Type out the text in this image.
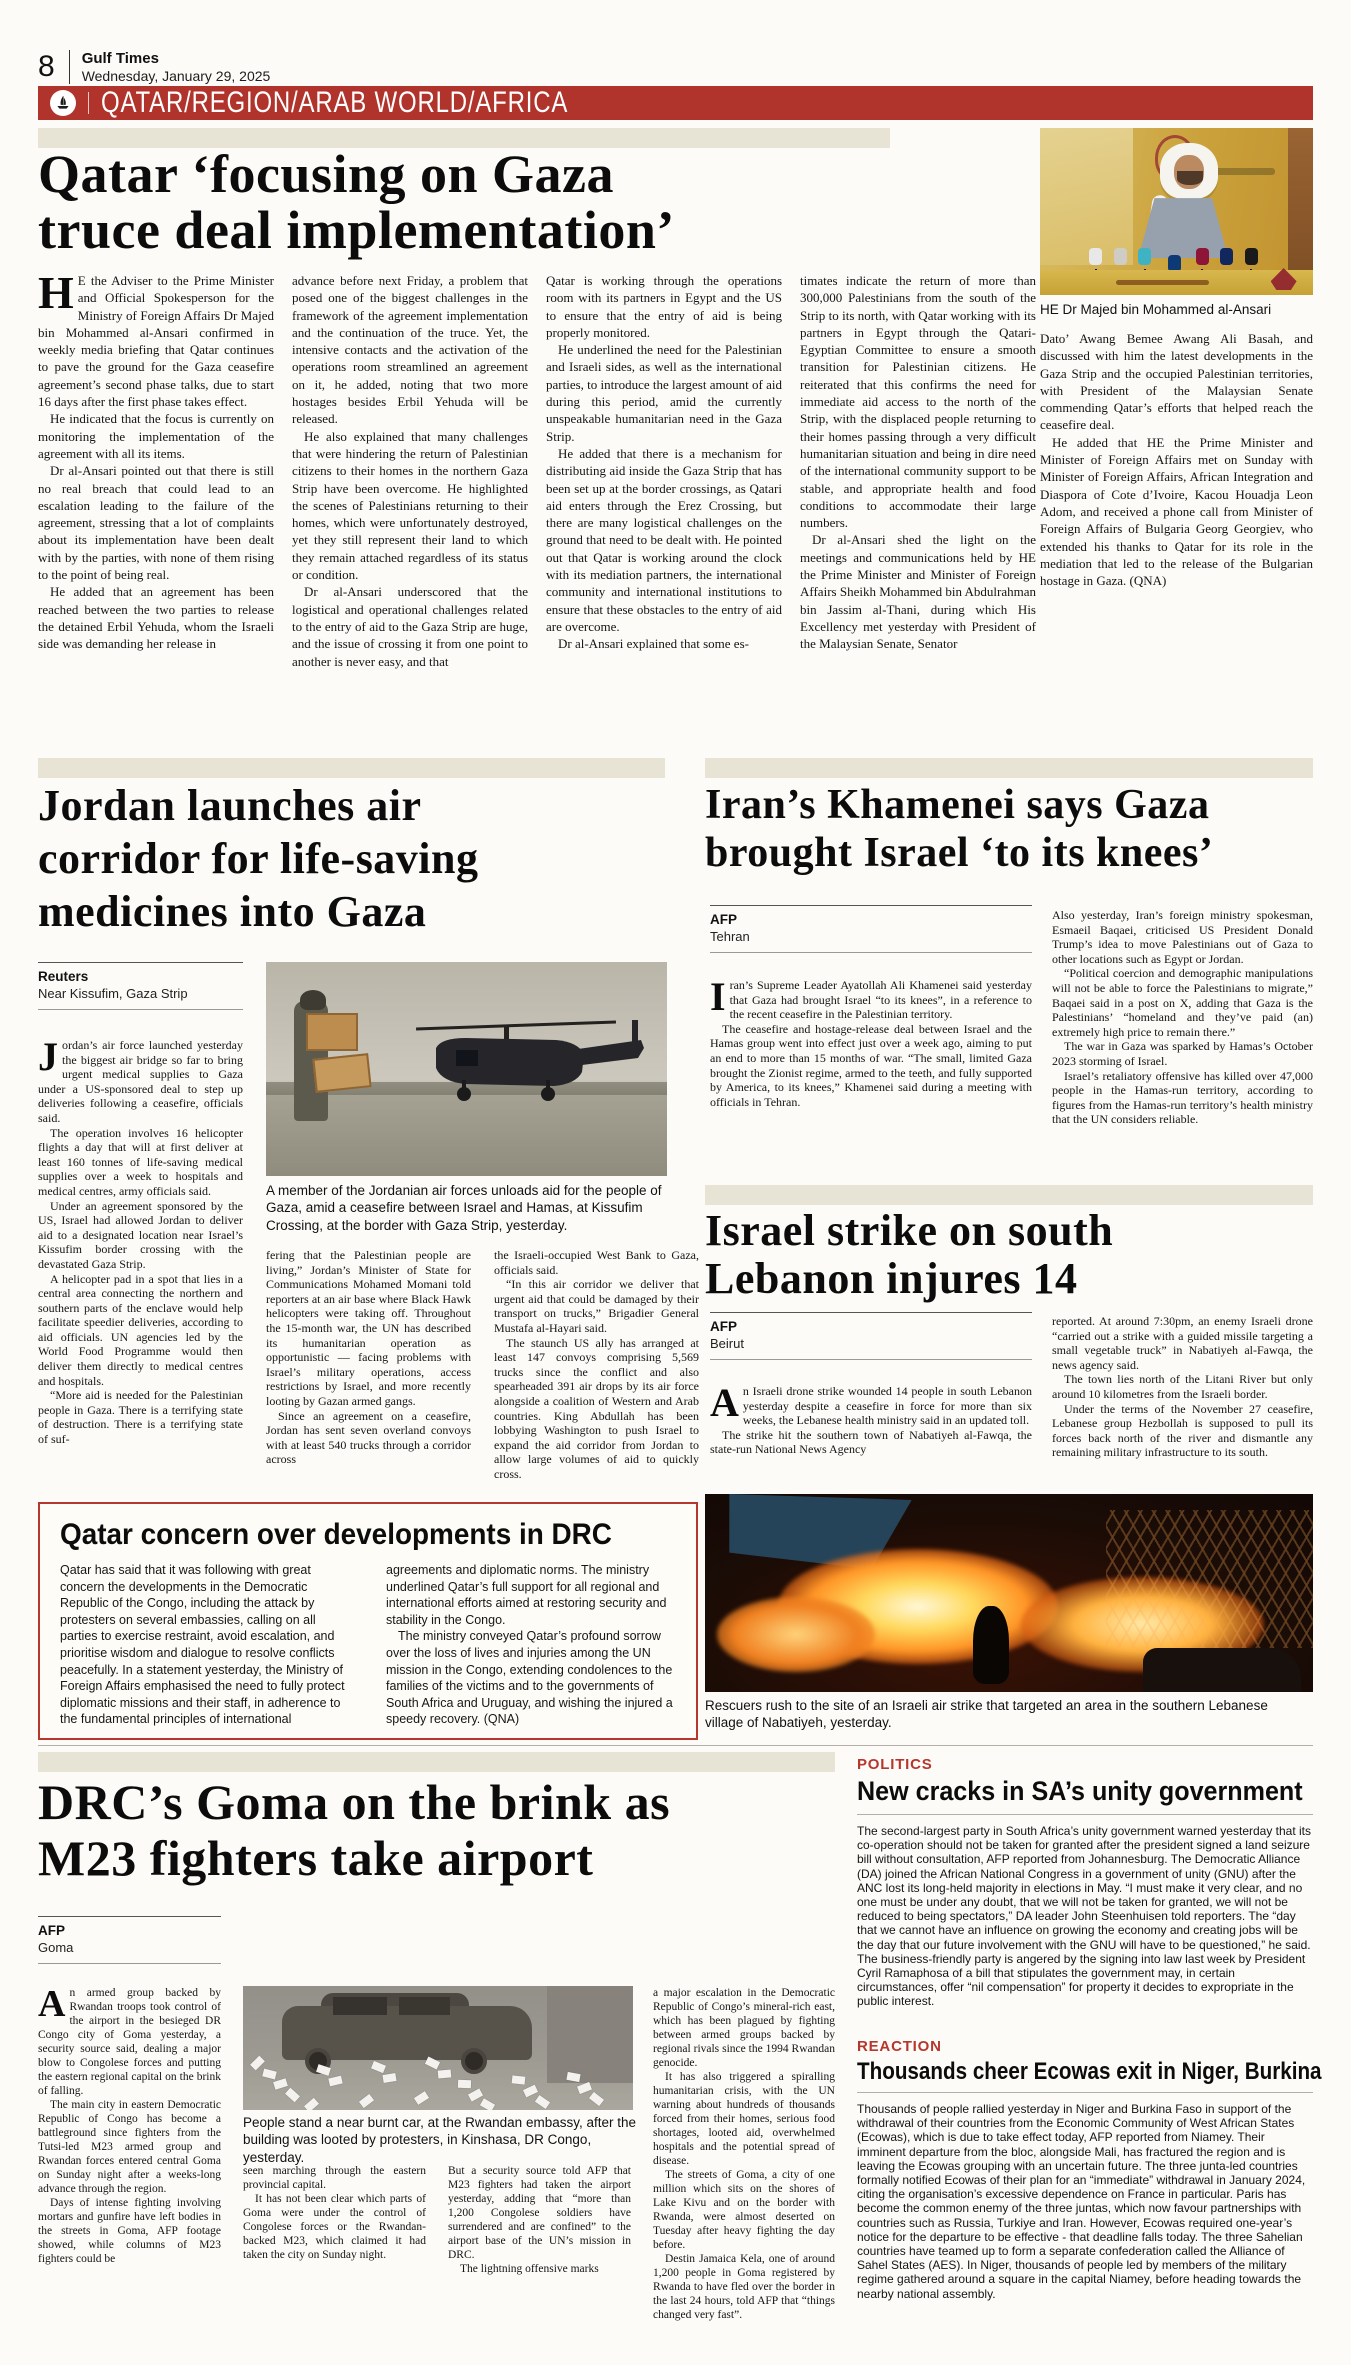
8 Gulf Times
Wednesday, January 29, 2025
QATAR/REGION/ARAB WORLD/AFRICA
Qatar ‘focusing on Gaza
truce deal implementation’
HE Dr Majed bin Mohammed al-Ansari

H E the Adviser to the Prime Minister and Official Spokesperson for the Ministry of Foreign Affairs Dr Majed bin Mohammed al-Ansari confirmed in weekly media briefing that Qatar continues to pave the ground for the Gaza ceasefire agreement’s second phase talks, due to start 16 days after the first phase takes effect.

He indicated that the focus is currently on monitoring the implementation of the agreement with all its items.

Dr al-Ansari pointed out that there is still no real breach that could lead to an escalation leading to the failure of the agreement, stressing that a lot of complaints about its implementation have been dealt with by the parties, with none of them rising to the point of being real.

He added that an agreement has been reached between the two parties to release the detained Erbil Yehuda, whom the Israeli side was demanding her release in

advance before next Friday, a problem that posed one of the biggest challenges in the framework of the agreement implementation and the continuation of the truce. Yet, the intensive contacts and the activation of the operations room streamlined an agreement on it, he added, noting that two more hostages besides Erbil Yehuda will be released.

He also explained that many challenges that were hindering the return of Palestinian citizens to their homes in the northern Gaza Strip have been overcome. He highlighted the scenes of Palestinians returning to their homes, which were unfortunately destroyed, yet they still represent their land to which they remain attached regardless of its status or condition.

Dr al-Ansari underscored that the logistical and operational challenges related to the entry of aid to the Gaza Strip are huge, and the issue of crossing it from one point to another is never easy, and that

Qatar is working through the operations room with its partners in Egypt and the US to ensure that the entry of aid is being properly monitored.

He underlined the need for the Palestinian and Israeli sides, as well as the international parties, to introduce the largest amount of aid during this period, amid the currently unspeakable humanitarian need in the Gaza Strip.

He added that there is a mechanism for distributing aid inside the Gaza Strip that has been set up at the border crossings, as Qatari aid enters through the Erez Crossing, but there are many logistical challenges on the ground that need to be dealt with. He pointed out that Qatar is working around the clock with its mediation partners, the international community and international institutions to ensure that these obstacles to the entry of aid are overcome.

Dr al-Ansari explained that some es-

timates indicate the return of more than 300,000 Palestinians from the south of the Strip to its north, with Qatar working with its partners in Egypt through the Qatari-Egyptian Committee to ensure a smooth transition for Palestinian citizens. He reiterated that this confirms the need for immediate aid access to the north of the Strip, with the displaced people returning to their homes passing through a very difficult humanitarian situation and being in dire need of the international community support to be stable, and appropriate health and food conditions to accommodate their large numbers.

Dr al-Ansari shed the light on the meetings and communications held by HE the Prime Minister and Minister of Foreign Affairs Sheikh Mohammed bin Abdulrahman bin Jassim al-Thani, during which His Excellency met yesterday with President of the Malaysian Senate, Senator

Dato’ Awang Bemee Awang Ali Basah, and discussed with him the latest developments in the Gaza Strip and the occupied Palestinian territories, with President of the Malaysian Senate commending Qatar’s efforts that helped reach the ceasefire deal.

He added that HE the Prime Minister and Minister of Foreign Affairs met on Sunday with Minister of Foreign Affairs, African Integration and Diaspora of Cote d’Ivoire, Kacou Houadja Leon Adom, and received a phone call from Minister of Foreign Affairs of Bulgaria Georg Georgiev, who extended his thanks to Qatar for its role in the mediation that led to the release of the Bulgarian hostage in Gaza. (QNA)

Jordan launches air
corridor for life-saving
medicines into Gaza
Reuters
Near Kissufim, Gaza Strip
A member of the Jordanian air forces unloads aid for the people of Gaza, amid a ceasefire between Israel and Hamas, at Kissufim Crossing, at the border with Gaza Strip, yesterday.

Jordan’s air force launched yesterday the biggest air bridge so far to bring urgent medical supplies to Gaza under a US-sponsored deal to step up deliveries following a ceasefire, officials said.

The operation involves 16 helicopter flights a day that will at first deliver at least 160 tonnes of life-saving medical supplies over a week to hospitals and medical centres, army officials said.

Under an agreement sponsored by the US, Israel had allowed Jordan to deliver aid to a designated location near Israel’s Kissufim border crossing with the devastated Gaza Strip.

A helicopter pad in a spot that lies in a central area connecting the northern and southern parts of the enclave would help facilitate speedier deliveries, according to aid officials. UN agencies led by the World Food Programme would then deliver them directly to medical centres and hospitals.

“More aid is needed for the Palestinian people in Gaza. There is a terrifying state of destruction. There is a terrifying state of suf-

fering that the Palestinian people are living,” Jordan’s Minister of State for Communications Mohamed Momani told reporters at an air base where Black Hawk helicopters were taking off. Throughout the 15-month war, the UN has described its humanitarian operation as opportunistic — facing problems with Israel’s military operations, access restrictions by Israel, and more recently looting by Gazan armed gangs.

Since an agreement on a ceasefire, Jordan has sent seven overland convoys with at least 540 trucks through a corridor across

the Israeli-occupied West Bank to Gaza, officials said.

“In this air corridor we deliver that urgent aid that could be damaged by their transport on trucks,” Brigadier General Mustafa al-Hayari said.

The staunch US ally has arranged at least 147 convoys comprising 5,569 trucks since the conflict and also spearheaded 391 air drops by its air force alongside a coalition of Western and Arab countries. King Abdullah has been lobbying Washington to push Israel to expand the aid corridor from Jordan to allow large volumes of aid to quickly cross.

Iran’s Khamenei says Gaza
brought Israel ‘to its knees’
AFP
Tehran

Iran’s Supreme Leader Ayatollah Ali Khamenei said yesterday that Gaza had brought Israel “to its knees”, in a reference to the recent ceasefire in the Palestinian territory.

The ceasefire and hostage-release deal between Israel and the Hamas group went into effect just over a week ago, aiming to put an end to more than 15 months of war. “The small, limited Gaza brought the Zionist regime, armed to the teeth, and fully supported by America, to its knees,” Khamenei said during a meeting with officials in Tehran.

Also yesterday, Iran’s foreign ministry spokesman, Esmaeil Baqaei, criticised US President Donald Trump’s idea to move Palestinians out of Gaza to other locations such as Egypt or Jordan.

“Political coercion and demographic manipulations will not be able to force the Palestinians to migrate,” Baqaei said in a post on X, adding that Gaza is the Palestinians’ “homeland and they’ve paid (an) extremely high price to remain there.”

The war in Gaza was sparked by Hamas’s October 2023 storming of Israel.

Israel’s retaliatory offensive has killed over 47,000 people in the Hamas-run territory, according to figures from the Hamas-run territory’s health ministry that the UN considers reliable.

Israel strike on south
Lebanon injures 14
AFP
Beirut

An Israeli drone strike wounded 14 people in south Lebanon yesterday despite a ceasefire in force for more than six weeks, the Lebanese health ministry said in an updated toll.

The strike hit the southern town of Nabatiyeh al-Fawqa, the state-run National News Agency

reported. At around 7:30pm, an enemy Israeli drone “carried out a strike with a guided missile targeting a small vegetable truck” in Nabatiyeh al-Fawqa, the news agency said.

The town lies north of the Litani River but only around 10 kilometres from the Israeli border.

Under the terms of the November 27 ceasefire, Lebanese group Hezbollah is supposed to pull its forces back north of the river and dismantle any remaining military infrastructure to its south.

Rescuers rush to the site of an Israeli air strike that targeted an area in the southern Lebanese village of Nabatiyeh, yesterday.
Qatar concern over developments in DRC

Qatar has said that it was following with great concern the developments in the Democratic Republic of the Congo, including the attack by protesters on several embassies, calling on all parties to exercise restraint, avoid escalation, and prioritise wisdom and dialogue to resolve conflicts peacefully. In a statement yesterday, the Ministry of Foreign Affairs emphasised the need to fully protect diplomatic missions and their staff, in adherence to the fundamental principles of international

agreements and diplomatic norms. The ministry underlined Qatar’s full support for all regional and international efforts aimed at restoring security and stability in the Congo.

The ministry conveyed Qatar’s profound sorrow over the loss of lives and injuries among the UN mission in the Congo, extending condolences to the families of the victims and to the governments of South Africa and Uruguay, and wishing the injured a speedy recovery. (QNA)

DRC’s Goma on the brink as
M23 fighters take airport
AFP
Goma

An armed group backed by Rwandan troops took control of the airport in the besieged DR Congo city of Goma yesterday, a security source said, dealing a major blow to Congolese forces and putting the eastern regional capital on the brink of falling.

The main city in eastern Democratic Republic of Congo has become a battleground since fighters from the Tutsi-led M23 armed group and Rwandan forces entered central Goma on Sunday night after a weeks-long advance through the region.

Days of intense fighting involving mortars and gunfire have left bodies in the streets in Goma, AFP footage showed, while columns of M23 fighters could be

People stand a near burnt car, at the Rwandan embassy, after the building was looted by protesters, in Kinshasa, DR Congo, yesterday.

seen marching through the eastern provincial capital.

It has not been clear which parts of Goma were under the control of Congolese forces or the Rwandan-backed M23, which claimed it had taken the city on Sunday night.

But a security source told AFP that M23 fighters had taken the airport yesterday, adding that “more than 1,200 Congolese soldiers have surrendered and are confined” to the airport base of the UN’s mission in DRC.

The lightning offensive marks

a major escalation in the Democratic Republic of Congo’s mineral-rich east, which has been plagued by fighting between armed groups backed by regional rivals since the 1994 Rwandan genocide.

It has also triggered a spiralling humanitarian crisis, with the UN warning about hundreds of thousands forced from their homes, serious food shortages, looted aid, overwhelmed hospitals and the potential spread of disease.

The streets of Goma, a city of one million which sits on the shores of Lake Kivu and on the border with Rwanda, were almost deserted on Tuesday after heavy fighting the day before.

Destin Jamaica Kela, one of around 1,200 people in Goma registered by Rwanda to have fled over the border in the last 24 hours, told AFP that “things changed very fast”.

POLITICS
New cracks in SA’s unity government

The second-largest party in South Africa’s unity government warned yesterday that its co-operation should not be taken for granted after the president signed a land seizure bill without consultation, AFP reported from Johannesburg. The Democratic Alliance (DA) joined the African National Congress in a government of unity (GNU) after the ANC lost its long-held majority in elections in May. “I must make it very clear, and no one must be under any doubt, that we will not be taken for granted, we will not be reduced to being spectators,” DA leader John Steenhuisen told reporters. The “day that we cannot have an influence on growing the economy and creating jobs will be the day that our future involvement with the GNU will have to be questioned,” he said. The business-friendly party is angered by the signing into law last week by President Cyril Ramaphosa of a bill that stipulates the government may, in certain circumstances, offer “nil compensation” for property it decides to expropriate in the public interest.

REACTION
Thousands cheer Ecowas exit in Niger, Burkina

Thousands of people rallied yesterday in Niger and Burkina Faso in support of the withdrawal of their countries from the Economic Community of West African States (Ecowas), which is due to take effect today, AFP reported from Niamey. Their imminent departure from the bloc, alongside Mali, has fractured the region and is leaving the Ecowas grouping with an uncertain future. The three junta-led countries formally notified Ecowas of their plan for an “immediate” withdrawal in January 2024, citing the organisation’s excessive dependence on France in particular. Paris has become the common enemy of the three juntas, which now favour partnerships with countries such as Russia, Turkiye and Iran. However, Ecowas required one-year’s notice for the departure to be effective - that deadline falls today. The three Sahelian countries have teamed up to form a separate confederation called the Alliance of Sahel States (AES). In Niger, thousands of people led by members of the military regime gathered around a square in the capital Niamey, before heading towards the nearby national assembly.
